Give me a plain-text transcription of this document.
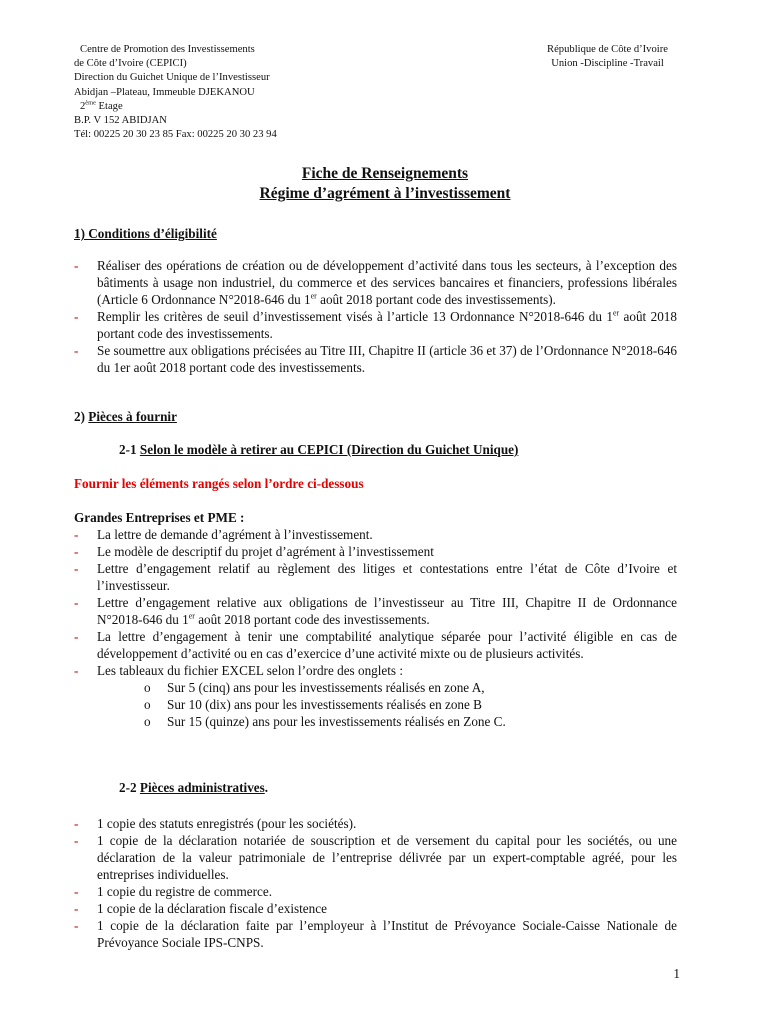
Centre de Promotion des Investissements
de Côte d’Ivoire (CEPICI)
Direction du Guichet Unique de l’Investisseur
Abidjan –Plateau, Immeuble DJEKANOU
2ème Etage
B.P. V 152 ABIDJAN
Tél: 00225 20 30 23 85 Fax: 00225 20 30 23 94
République de Côte d’Ivoire
Union -Discipline -Travail
Fiche de Renseignements
Régime d’agrément à l’investissement
1) Conditions d’éligibilité
- Réaliser des opérations de création ou de développement d’activité dans tous les secteurs, à l’exception des bâtiments à usage non industriel, du commerce et des services bancaires et financiers, professions libérales (Article 6 Ordonnance N°2018-646 du 1er août 2018 portant code des investissements).
- Remplir les critères de seuil d’investissement visés à l’article 13 Ordonnance N°2018-646 du 1er août 2018 portant code des investissements.
- Se soumettre aux obligations précisées au Titre III, Chapitre II (article 36 et 37) de l’Ordonnance N°2018-646 du 1er août 2018 portant code des investissements.
2) Pièces à fournir
2-1 Selon le modèle à retirer au CEPICI (Direction du Guichet Unique)
Fournir les éléments rangés selon l’ordre ci-dessous
Grandes Entreprises et PME :
- La lettre de demande d’agrément à l’investissement.
- Le modèle de descriptif du projet d’agrément à l’investissement
- Lettre d’engagement relatif au règlement des litiges et contestations entre l’état de Côte d’Ivoire et l’investisseur.
- Lettre d’engagement relative aux obligations de l’investisseur au Titre III, Chapitre II de Ordonnance N°2018-646 du 1er août 2018 portant code des investissements.
- La lettre d’engagement à tenir une comptabilité analytique séparée pour l’activité éligible en cas de développement d’activité ou en cas d’exercice d’une activité mixte ou de plusieurs activités.
- Les tableaux du fichier EXCEL selon l’ordre des onglets :
o Sur 5 (cinq) ans pour les investissements réalisés en zone A,
o Sur 10 (dix) ans pour les investissements réalisés en zone B
o Sur 15 (quinze) ans pour les investissements réalisés en Zone C.
2-2 Pièces administratives.
- 1 copie des statuts enregistrés (pour les sociétés).
- 1 copie de la déclaration notariée de souscription et de versement du capital pour les sociétés, ou une déclaration de la valeur patrimoniale de l’entreprise délivrée par un expert-comptable agréé, pour les entreprises individuelles.
- 1 copie du registre de commerce.
- 1 copie de la déclaration fiscale d’existence
- 1 copie de la déclaration faite par l’employeur à l’Institut de Prévoyance Sociale-Caisse Nationale de Prévoyance Sociale IPS-CNPS.
1
